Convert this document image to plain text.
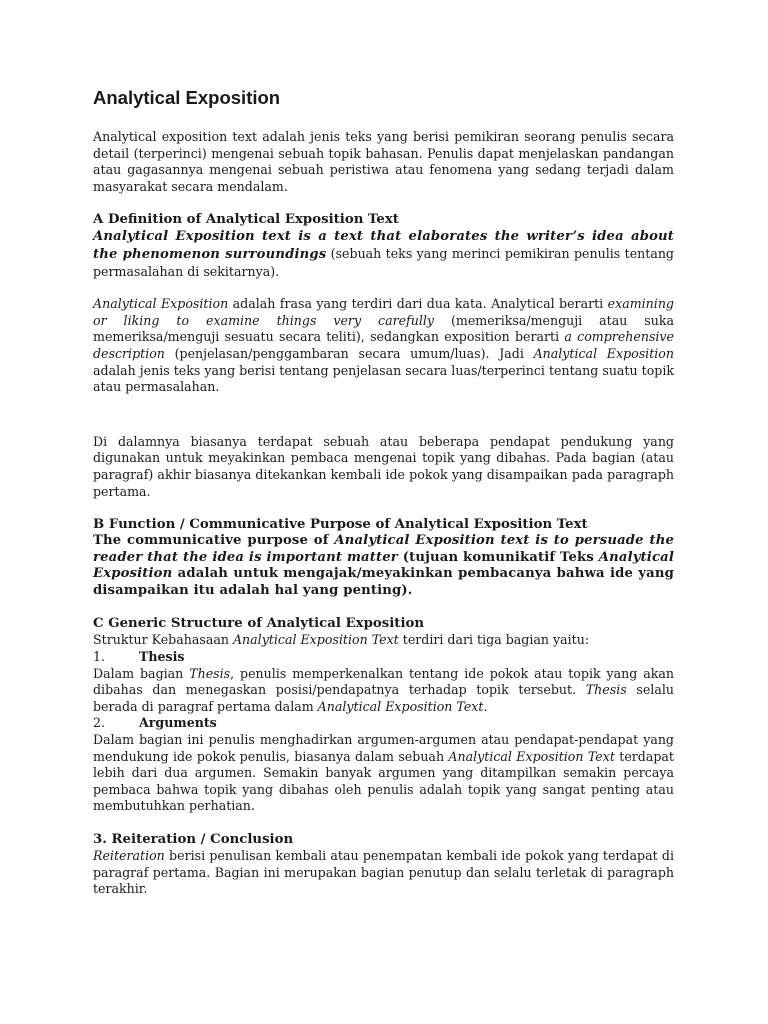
Analytical Exposition

Analytical exposition text adalah jenis teks yang berisi pemikiran seorang penulis secara detail (terperinci) mengenai sebuah topik bahasan. Penulis dapat menjelaskan pandangan atau gagasannya mengenai sebuah peristiwa atau fenomena yang sedang terjadi dalam masyarakat secara mendalam.

A Definition of Analytical Exposition Text

Analytical Exposition text is a text that elaborates the writer’s idea about the phenomenon surroundings (sebuah teks yang merinci pemikiran penulis tentang permasalahan di sekitarnya).

Analytical Exposition adalah frasa yang terdiri dari dua kata. Analytical berarti examining or liking to examine things very carefully (memeriksa/menguji atau suka memeriksa/menguji sesuatu secara teliti), sedangkan exposition berarti a comprehensive description (penjelasan/penggambaran secara umum/luas). Jadi Analytical Exposition adalah jenis teks yang berisi tentang penjelasan secara luas/terperinci tentang suatu topik atau permasalahan.

Di dalamnya biasanya terdapat sebuah atau beberapa pendapat pendukung yang digunakan untuk meyakinkan pembaca mengenai topik yang dibahas. Pada bagian (atau paragraf) akhir biasanya ditekankan kembali ide pokok yang disampaikan pada paragraph pertama.

B Function / Communicative Purpose of Analytical Exposition Text

The communicative purpose of Analytical Exposition text is to persuade the reader that the idea is important matter (tujuan komunikatif Teks Analytical Exposition adalah untuk mengajak/meyakinkan pembacanya bahwa ide yang disampaikan itu adalah hal yang penting).

C Generic Structure of Analytical Exposition

Struktur Kebahasaan Analytical Exposition Text terdiri dari tiga bagian yaitu:

1.	Thesis

Dalam bagian Thesis, penulis memperkenalkan tentang ide pokok atau topik yang akan dibahas dan menegaskan posisi/pendapatnya terhadap topik tersebut. Thesis selalu berada di paragraf pertama dalam Analytical Exposition Text.

2.	Arguments

Dalam bagian ini penulis menghadirkan argumen-argumen atau pendapat-pendapat yang mendukung ide pokok penulis, biasanya dalam sebuah Analytical Exposition Text terdapat lebih dari dua argumen. Semakin banyak argumen yang ditampilkan semakin percaya pembaca bahwa topik yang dibahas oleh penulis adalah topik yang sangat penting atau membutuhkan perhatian.

3. Reiteration / Conclusion

Reiteration berisi penulisan kembali atau penempatan kembali ide pokok yang terdapat di paragraf pertama. Bagian ini merupakan bagian penutup dan selalu terletak di paragraph terakhir.
